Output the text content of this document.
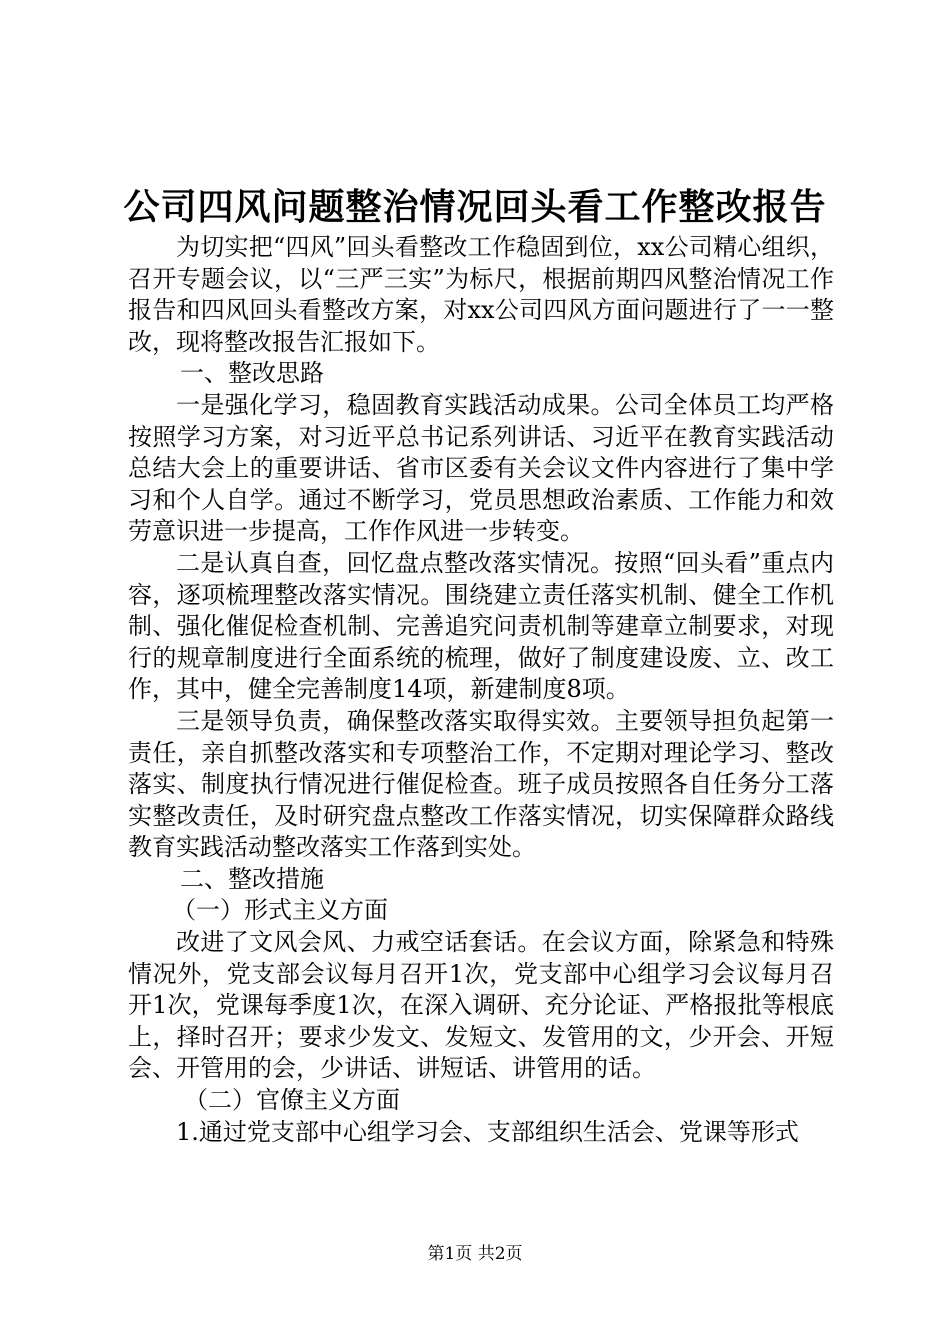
公司四风问题整治情况回头看工作整改报告

为切实把“四风”回头看整改工作稳固到位，xx公司精心组织，召开专题会议，以“三严三实”为标尺，根据前期四风整治情况工作报告和四风回头看整改方案，对xx公司四风方面问题进行了一一整改，现将整改报告汇报如下。

一、整改思路

一是强化学习，稳固教育实践活动成果。公司全体员工均严格按照学习方案，对习近平总书记系列讲话、习近平在教育实践活动总结大会上的重要讲话、省市区委有关会议文件内容进行了集中学习和个人自学。通过不断学习，党员思想政治素质、工作能力和效劳意识进一步提高，工作作风进一步转变。

二是认真自查，回忆盘点整改落实情况。按照“回头看”重点内容，逐项梳理整改落实情况。围绕建立责任落实机制、健全工作机制、强化催促检查机制、完善追究问责机制等建章立制要求，对现行的规章制度进行全面系统的梳理，做好了制度建设废、立、改工作，其中，健全完善制度14项，新建制度8项。

三是领导负责，确保整改落实取得实效。主要领导担负起第一责任，亲自抓整改落实和专项整治工作，不定期对理论学习、整改落实、制度执行情况进行催促检查。班子成员按照各自任务分工落实整改责任，及时研究盘点整改工作落实情况，切实保障群众路线教育实践活动整改落实工作落到实处。

二、整改措施

（一）形式主义方面

改进了文风会风、力戒空话套话。在会议方面，除紧急和特殊情况外，党支部会议每月召开1次，党支部中心组学习会议每月召开1次，党课每季度1次，在深入调研、充分论证、严格报批等根底上，择时召开；要求少发文、发短文、发管用的文，少开会、开短会、开管用的会，少讲话、讲短话、讲管用的话。

（二）官僚主义方面

1.通过党支部中心组学习会、支部组织生活会、党课等形式

第1页 共2页
